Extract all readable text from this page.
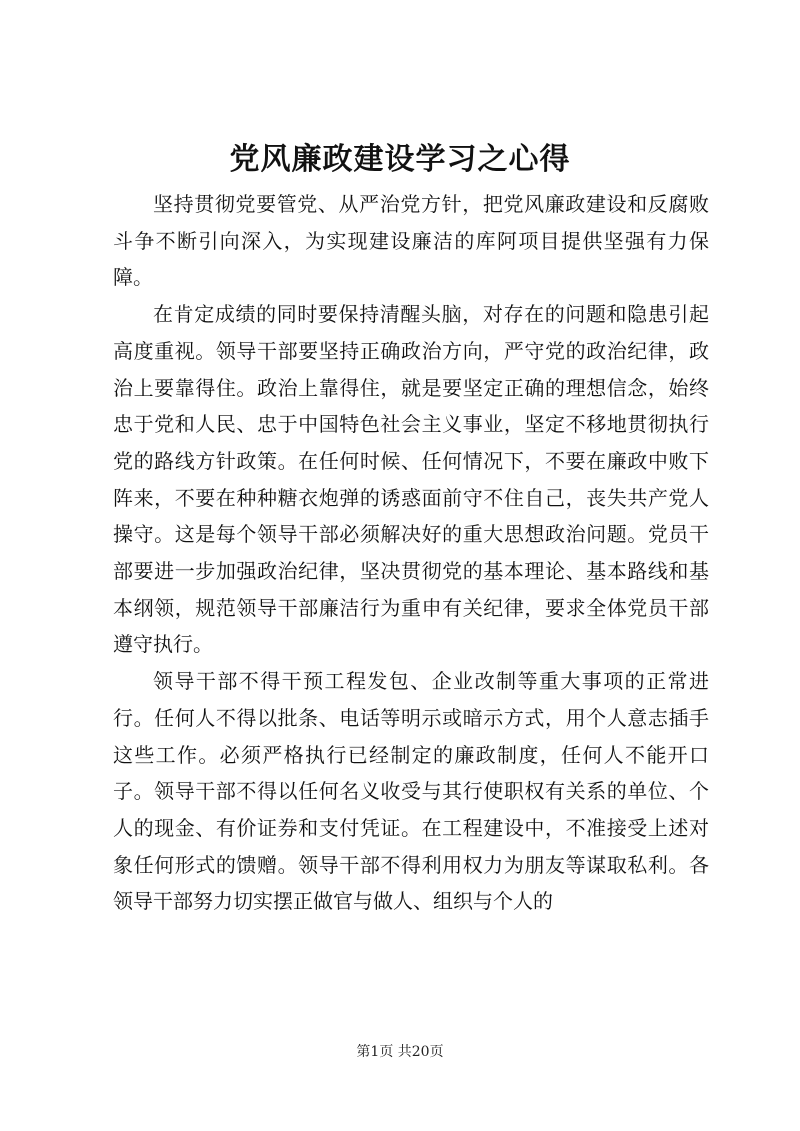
党风廉政建设学习之心得

坚持贯彻党要管党、从严治党方针，把党风廉政建设和反腐败斗争不断引向深入，为实现建设廉洁的库阿项目提供坚强有力保障。

在肯定成绩的同时要保持清醒头脑，对存在的问题和隐患引起高度重视。领导干部要坚持正确政治方向，严守党的政治纪律，政治上要靠得住。政治上靠得住，就是要坚定正确的理想信念，始终忠于党和人民、忠于中国特色社会主义事业，坚定不移地贯彻执行党的路线方针政策。在任何时候、任何情况下，不要在廉政中败下阵来，不要在种种糖衣炮弹的诱惑面前守不住自己，丧失共产党人操守。这是每个领导干部必须解决好的重大思想政治问题。党员干部要进一步加强政治纪律，坚决贯彻党的基本理论、基本路线和基本纲领，规范领导干部廉洁行为重申有关纪律，要求全体党员干部遵守执行。

领导干部不得干预工程发包、企业改制等重大事项的正常进行。任何人不得以批条、电话等明示或暗示方式，用个人意志插手这些工作。必须严格执行已经制定的廉政制度，任何人不能开口子。领导干部不得以任何名义收受与其行使职权有关系的单位、个人的现金、有价证券和支付凭证。在工程建设中，不准接受上述对象任何形式的馈赠。领导干部不得利用权力为朋友等谋取私利。各领导干部努力切实摆正做官与做人、组织与个人的

第1页 共20页
